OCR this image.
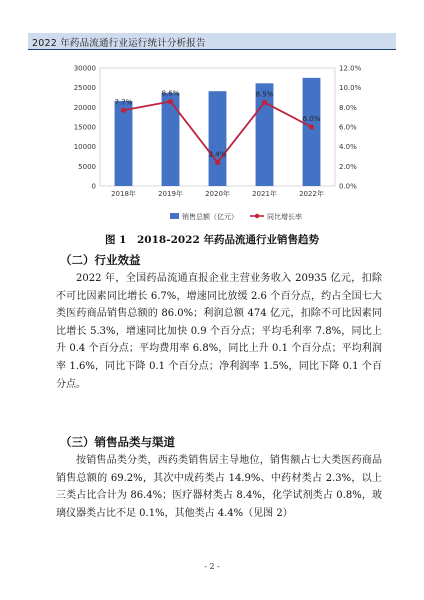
2022 年药品流通行业运行统计分析报告
0
5000
10000
15000
20000
25000
30000
0.0%
2.0%
4.0%
6.0%
8.0%
10.0%
12.0%
2018年	2019年	2020年	2021年	2022年
7.7%
8.6%
2.4%
8.5%
6.0%
销售总额（亿元）	同比增长率
图 1　2018-2022 年药品流通行业销售趋势
（二）行业效益

2022 年，全国药品流通直报企业主营业务收入 20935 亿元，扣除不可比因素同比增长 6.7%，增速同比放缓 2.6 个百分点，约占全国七大类医药商品销售总额的 86.0%；利润总额 474 亿元，扣除不可比因素同比增长 5.3%，增速同比加快 0.9 个百分点；平均毛利率 7.8%，同比上升 0.4 个百分点；平均费用率 6.8%，同比上升 0.1 个百分点；平均利润率 1.6%，同比下降 0.1 个百分点；净利润率 1.5%，同比下降 0.1 个百分点。

（三）销售品类与渠道

按销售品类分类，西药类销售居主导地位，销售额占七大类医药商品销售总额的 69.2%，其次中成药类占 14.9%、中药材类占 2.3%，以上三类占比合计为 86.4%；医疗器材类占 8.4%，化学试剂类占 0.8%，玻璃仪器类占比不足 0.1%，其他类占 4.4%（见图 2）

- 2 -
